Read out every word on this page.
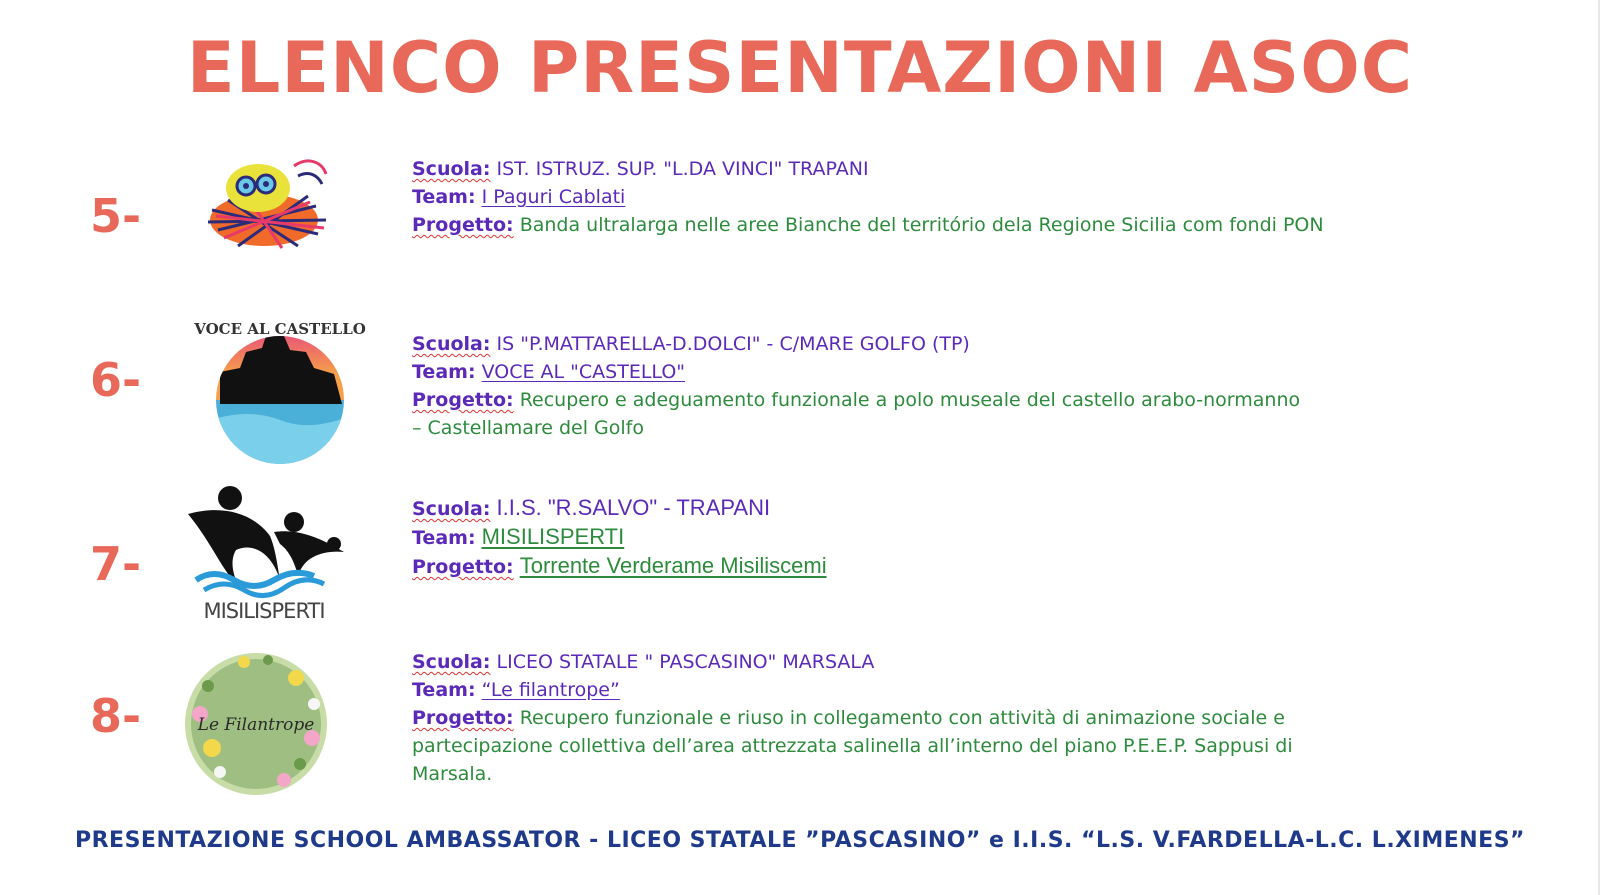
ELENCO PRESENTAZIONI ASOC
5-
Scuola: IST. ISTRUZ. SUP. "L.DA VINCI" TRAPANI
Team: I Paguri Cablati
Progetto: Banda ultralarga nelle aree Bianche del território dela Regione Sicilia com fondi PON
6-
VOCE AL CASTELLO
Scuola: IS "P.MATTARELLA-D.DOLCI" - C/MARE GOLFO (TP)
Team: VOCE AL "CASTELLO"
Progetto: Recupero e adeguamento funzionale a polo museale del castello arabo-normanno – Castellamare del Golfo
7-
MISILISPERTI
Scuola: I.I.S. "R.SALVO" - TRAPANI
Team: MISILISPERTI
Progetto: Torrente Verderame Misiliscemi
8-	Le Filantrope
Scuola: LICEO STATALE " PASCASINO" MARSALA
Team: “Le filantrope”
Progetto: Recupero funzionale e riuso in collegamento con attività di animazione sociale e partecipazione collettiva dell’area attrezzata salinella all’interno del piano P.E.E.P. Sappusi di Marsala.
PRESENTAZIONE SCHOOL AMBASSATOR - LICEO STATALE ”PASCASINO” e I.I.S. “L.S. V.FARDELLA-L.C. L.XIMENES”
